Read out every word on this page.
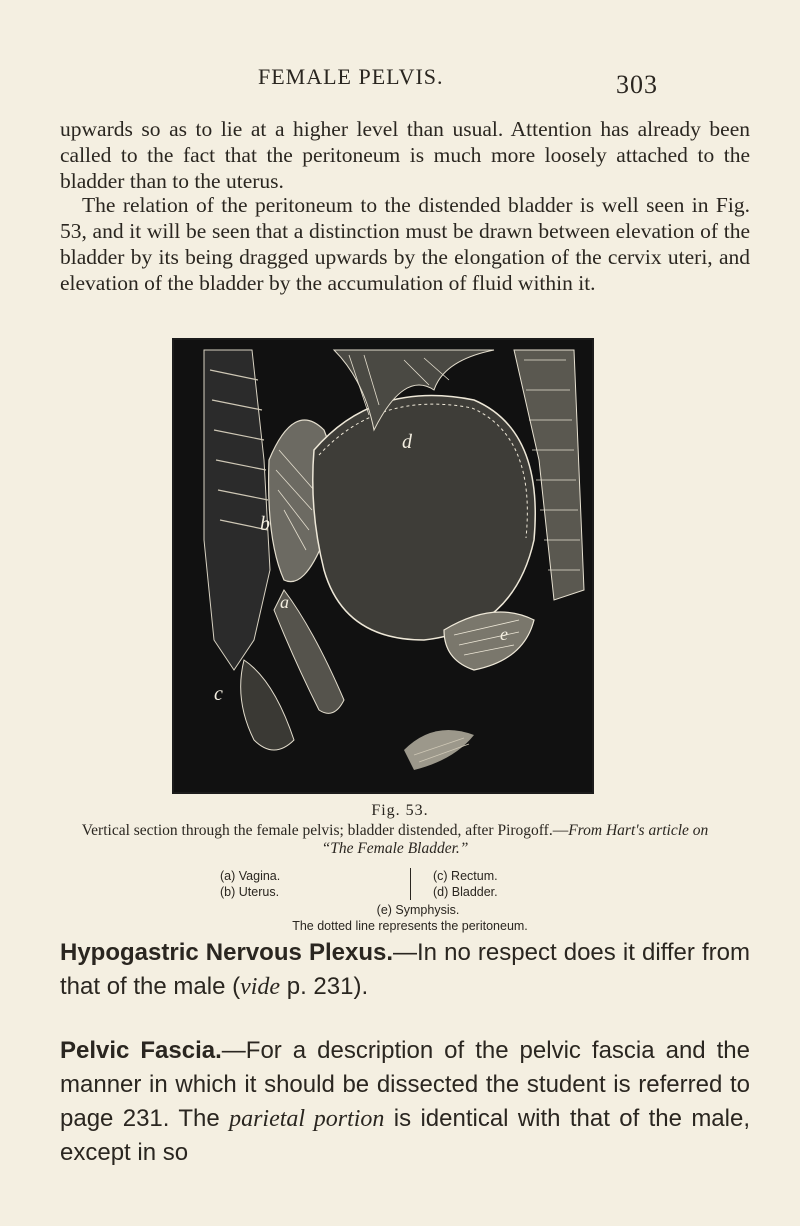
FEMALE PELVIS.	303

upwards so as to lie at a higher level than usual. Attention has already been called to the fact that the peritoneum is much more loosely attached to the bladder than to the uterus.

The relation of the peritoneum to the distended bladder is well seen in Fig. 53, and it will be seen that a distinction must be drawn between elevation of the bladder by its being dragged upwards by the elongation of the cervix uteri, and elevation of the bladder by the accumulation of fluid within it.

d
b
a
c
e
Fig. 53.
Vertical section through the female pelvis; bladder distended, after Pirogoff.—From Hart's article on “The Female Bladder.”
(a) Vagina.
(b) Uterus.
(c) Rectum.
(d) Bladder.
(e) Symphysis.
The dotted line represents the peritoneum.

Hypogastric Nervous Plexus.—In no respect does it differ from that of the male (vide p. 231).

Pelvic Fascia.—For a description of the pelvic fascia and the manner in which it should be dissected the student is referred to page 231. The parietal portion is identical with that of the male, except in so
